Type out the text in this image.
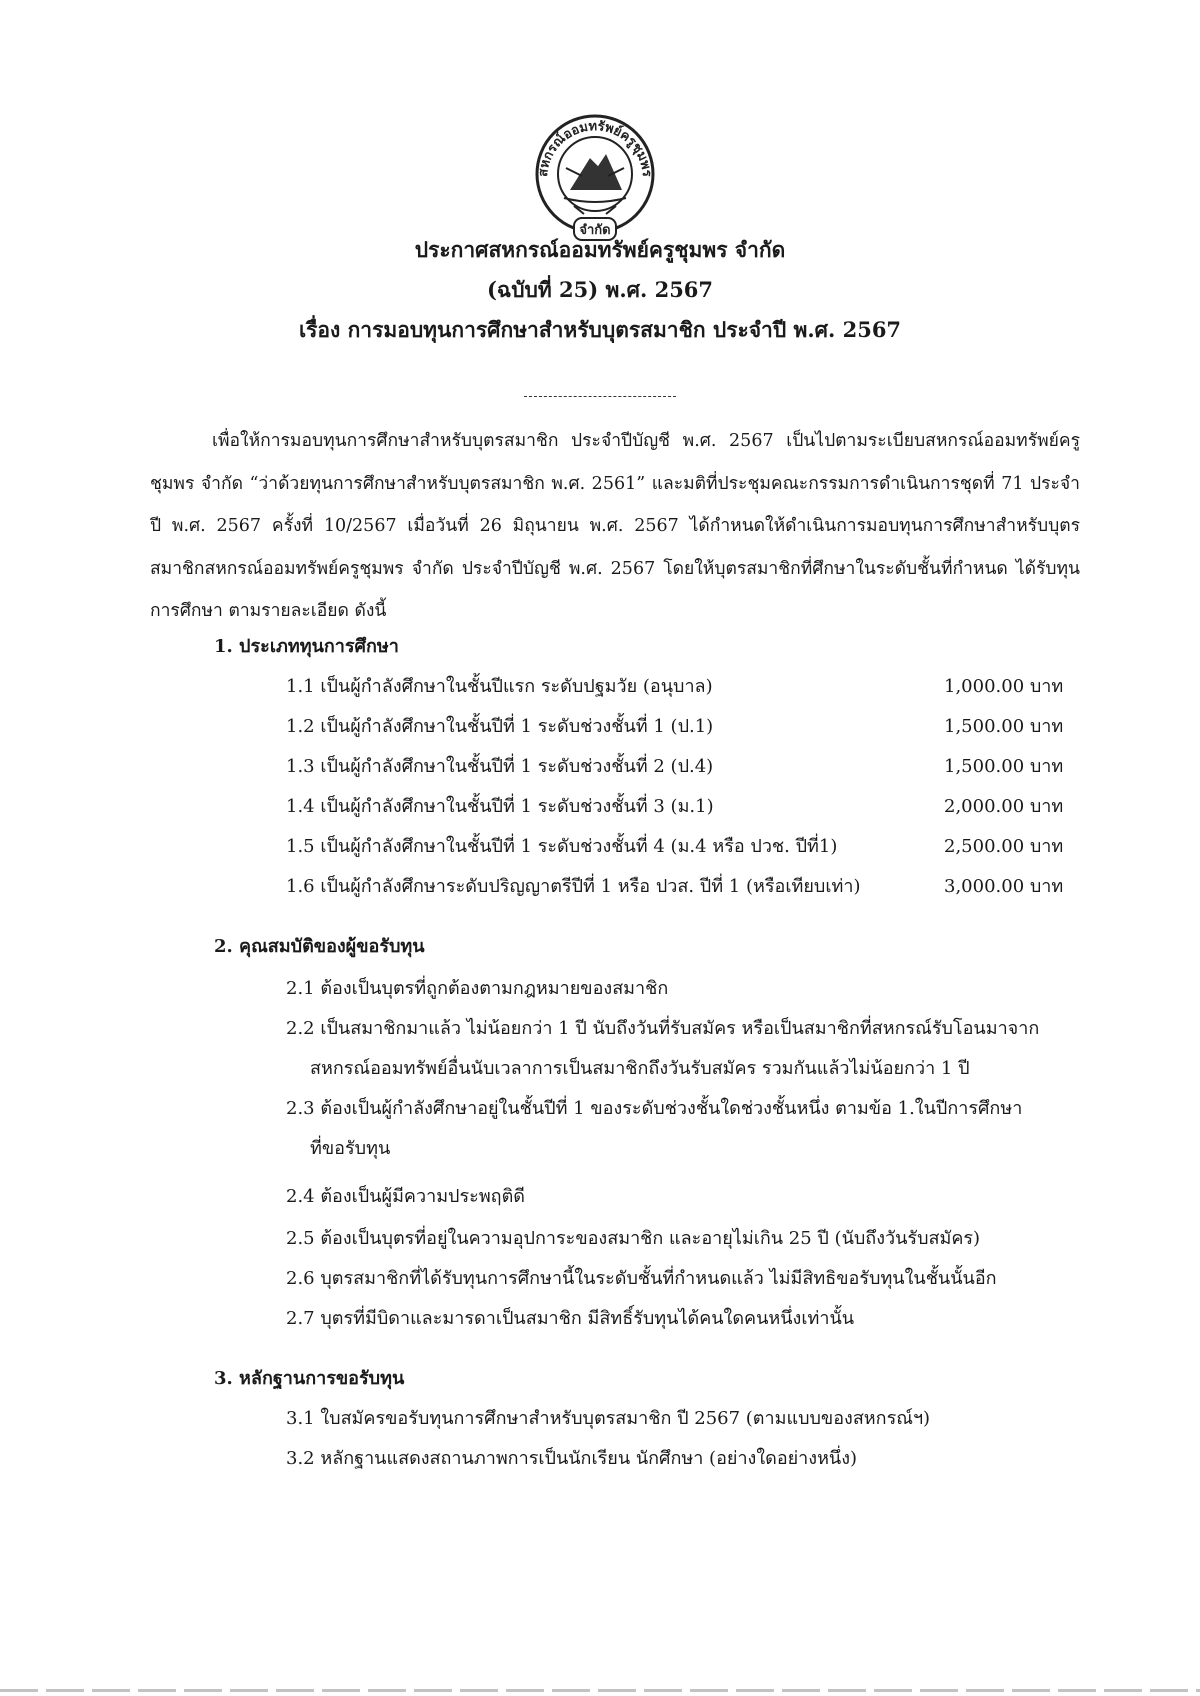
สหกรณ์ออมทรัพย์ครูชุมพร
จำกัด
ประกาศสหกรณ์ออมทรัพย์ครูชุมพร จำกัด
(ฉบับที่ 25) พ.ศ. 2567
เรื่อง การมอบทุนการศึกษาสำหรับบุตรสมาชิก ประจำปี พ.ศ. 2567
เพื่อให้การมอบทุนการศึกษาสำหรับบุตรสมาชิก ประจำปีบัญชี พ.ศ. 2567 เป็นไปตามระเบียบสหกรณ์ออมทรัพย์ครูชุมพร จำกัด “ว่าด้วยทุนการศึกษาสำหรับบุตรสมาชิก พ.ศ. 2561” และมติที่ประชุมคณะกรรมการดำเนินการชุดที่ 71 ประจำปี พ.ศ. 2567 ครั้งที่ 10/2567 เมื่อวันที่ 26 มิถุนายน พ.ศ. 2567 ได้กำหนดให้ดำเนินการมอบทุนการศึกษาสำหรับบุตรสมาชิกสหกรณ์ออมทรัพย์ครูชุมพร จำกัด ประจำปีบัญชี พ.ศ. 2567 โดยให้บุตรสมาชิกที่ศึกษาในระดับชั้นที่กำหนด ได้รับทุนการศึกษา ตามรายละเอียด ดังนี้
1. ประเภททุนการศึกษา
1.1 เป็นผู้กำลังศึกษาในชั้นปีแรก ระดับปฐมวัย (อนุบาล)	1,000.00 บาท
1.2 เป็นผู้กำลังศึกษาในชั้นปีที่ 1 ระดับช่วงชั้นที่ 1 (ป.1)	1,500.00 บาท
1.3 เป็นผู้กำลังศึกษาในชั้นปีที่ 1 ระดับช่วงชั้นที่ 2 (ป.4)	1,500.00 บาท
1.4 เป็นผู้กำลังศึกษาในชั้นปีที่ 1 ระดับช่วงชั้นที่ 3 (ม.1)	2,000.00 บาท
1.5 เป็นผู้กำลังศึกษาในชั้นปีที่ 1 ระดับช่วงชั้นที่ 4 (ม.4 หรือ ปวช. ปีที่1)	2,500.00 บาท
1.6 เป็นผู้กำลังศึกษาระดับปริญญาตรีปีที่ 1 หรือ ปวส. ปีที่ 1 (หรือเทียบเท่า)	3,000.00 บาท
2. คุณสมบัติของผู้ขอรับทุน
2.1 ต้องเป็นบุตรที่ถูกต้องตามกฎหมายของสมาชิก
2.2 เป็นสมาชิกมาแล้ว ไม่น้อยกว่า 1 ปี นับถึงวันที่รับสมัคร หรือเป็นสมาชิกที่สหกรณ์รับโอนมาจาก
สหกรณ์ออมทรัพย์อื่นนับเวลาการเป็นสมาชิกถึงวันรับสมัคร รวมกันแล้วไม่น้อยกว่า 1 ปี
2.3 ต้องเป็นผู้กำลังศึกษาอยู่ในชั้นปีที่ 1 ของระดับช่วงชั้นใดช่วงชั้นหนึ่ง ตามข้อ 1.ในปีการศึกษา
ที่ขอรับทุน
2.4 ต้องเป็นผู้มีความประพฤติดี
2.5 ต้องเป็นบุตรที่อยู่ในความอุปการะของสมาชิก และอายุไม่เกิน 25 ปี (นับถึงวันรับสมัคร)
2.6 บุตรสมาชิกที่ได้รับทุนการศึกษานี้ในระดับชั้นที่กำหนดแล้ว ไม่มีสิทธิขอรับทุนในชั้นนั้นอีก
2.7 บุตรที่มีบิดาและมารดาเป็นสมาชิก มีสิทธิ์รับทุนได้คนใดคนหนึ่งเท่านั้น
3. หลักฐานการขอรับทุน
3.1 ใบสมัครขอรับทุนการศึกษาสำหรับบุตรสมาชิก ปี 2567 (ตามแบบของสหกรณ์ฯ)
3.2 หลักฐานแสดงสถานภาพการเป็นนักเรียน นักศึกษา (อย่างใดอย่างหนึ่ง)
